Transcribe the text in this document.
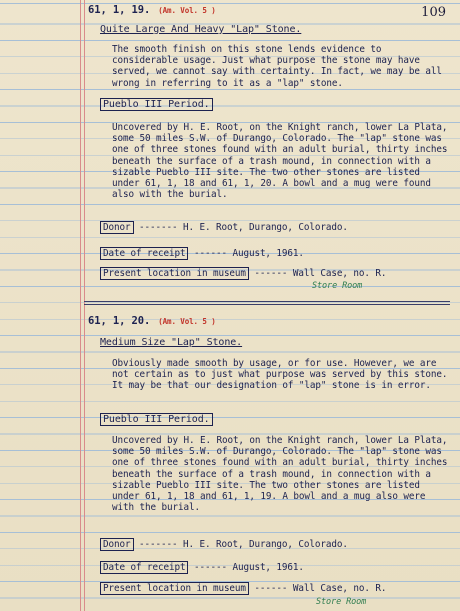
109
61, 1, 19. (Am. Vol. 5 )
Quite Large And Heavy "Lap" Stone.
The smooth finish on this stone lends evidence to considerable usage. Just what purpose the stone may have served, we cannot say with certainty. In fact, we may be all wrong in referring to it as a "lap" stone.
Pueblo III Period.
Uncovered by H. E. Root, on the Knight ranch, lower La Plata, some 50 miles S.W. of Durango, Colorado. The "lap" stone was one of three stones found with an adult burial, thirty inches beneath the surface of a trash mound, in connection with a sizable Pueblo III site. The two other stones are listed under 61, 1, 18 and 61, 1, 20. A bowl and a mug were found also with the burial.
Donor ------- H. E. Root, Durango, Colorado.
Date of receipt ------ August, 1961.
Present location in museum ------ Wall Case, no. R.
Store Room
61, 1, 20. (Am. Vol. 5 )
Medium Size "Lap" Stone.
Obviously made smooth by usage, or for use. However, we are not certain as to just what purpose was served by this stone. It may be that our designation of "lap" stone is in error.
Pueblo III Period.
Uncovered by H. E. Root, on the Knight ranch, lower La Plata, some 50 miles S.W. of Durango, Colorado. The "lap" stone was one of three stones found with an adult burial, thirty inches beneath the surface of a trash mound, in connection with a sizable Pueblo III site. The two other stones are listed under 61, 1, 18 and 61, 1, 19. A bowl and a mug also were with the burial.
Donor ------- H. E. Root, Durango, Colorado.
Date of receipt ------ August, 1961.
Present location in museum ------ Wall Case, no. R.
Store Room
